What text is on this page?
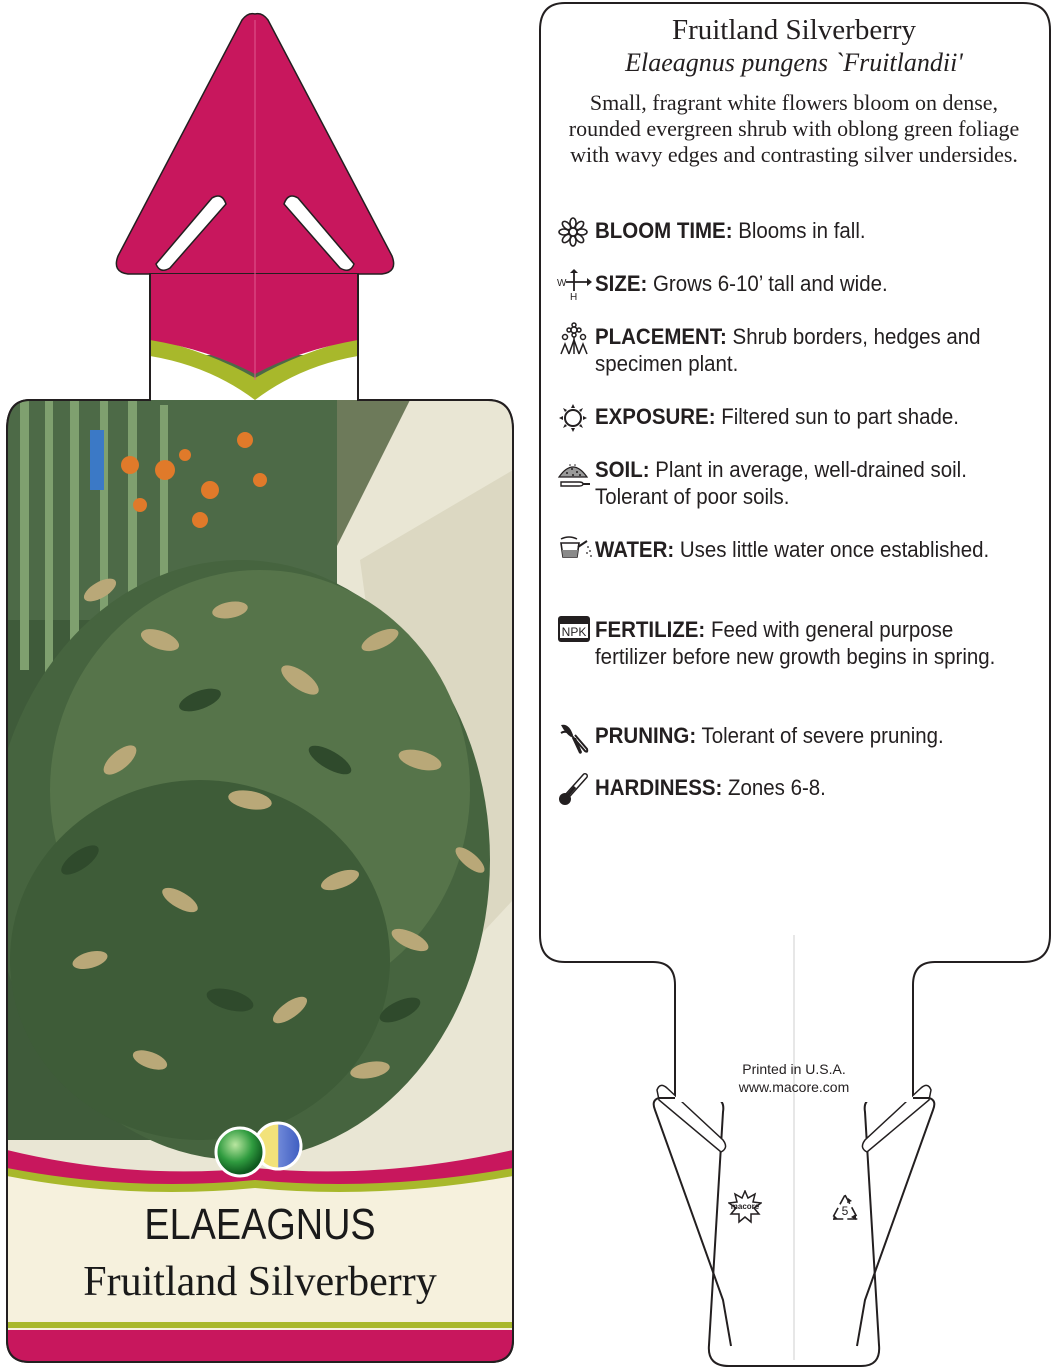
ELAEAGNUS
Fruitland Silverberry
Fruitland Silverberry
Elaeagnus pungens `Fruitlandii'
Small, fragrant white flowers bloom on dense, rounded evergreen shrub with oblong green foliage with wavy edges and contrasting silver undersides.
BLOOM TIME: Blooms in fall.
W
H
SIZE: Grows 6-10’ tall and wide.
PLACEMENT: Shrub borders, hedges and specimen plant.
EXPOSURE: Filtered sun to part shade.
SOIL: Plant in average, well-drained soil. Tolerant of poor soils.
WATER: Uses little water once established.
NPK FERTILIZE: Feed with general purpose fertilizer before new growth begins in spring.
PRUNING: Tolerant of severe pruning.
HARDINESS: Zones 6-8.
Printed in U.S.A.
www.macore.com
macore	5
